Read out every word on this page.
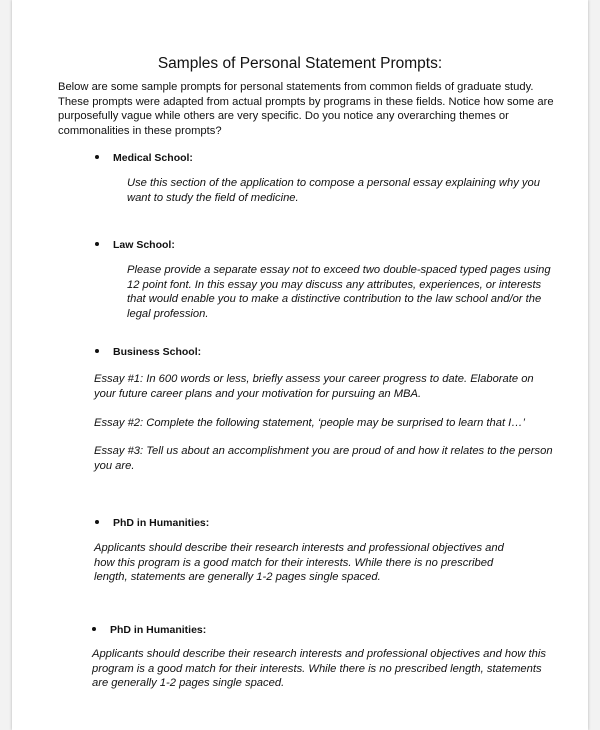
Samples of Personal Statement Prompts:
Below are some sample prompts for personal statements from common fields of graduate study. These prompts were adapted from actual prompts by programs in these fields. Notice how some are purposefully vague while others are very specific. Do you notice any overarching themes or commonalities in these prompts?
Medical School:
Use this section of the application to compose a personal essay explaining why you want to study the field of medicine.
Law School:
Please provide a separate essay not to exceed two double-spaced typed pages using 12 point font. In this essay you may discuss any attributes, experiences, or interests that would enable you to make a distinctive contribution to the law school and/or the legal profession.
Business School:
Essay #1: In 600 words or less, briefly assess your career progress to date. Elaborate on your future career plans and your motivation for pursuing an MBA.
Essay #2: Complete the following statement, ‘people may be surprised to learn that I…’
Essay #3: Tell us about an accomplishment you are proud of and how it relates to the person you are.
PhD in Humanities:
Applicants should describe their research interests and professional objectives and how this program is a good match for their interests. While there is no prescribed length, statements are generally 1-2 pages single spaced.
PhD in Humanities:
Applicants should describe their research interests and professional objectives and how this program is a good match for their interests. While there is no prescribed length, statements are generally 1-2 pages single spaced.
